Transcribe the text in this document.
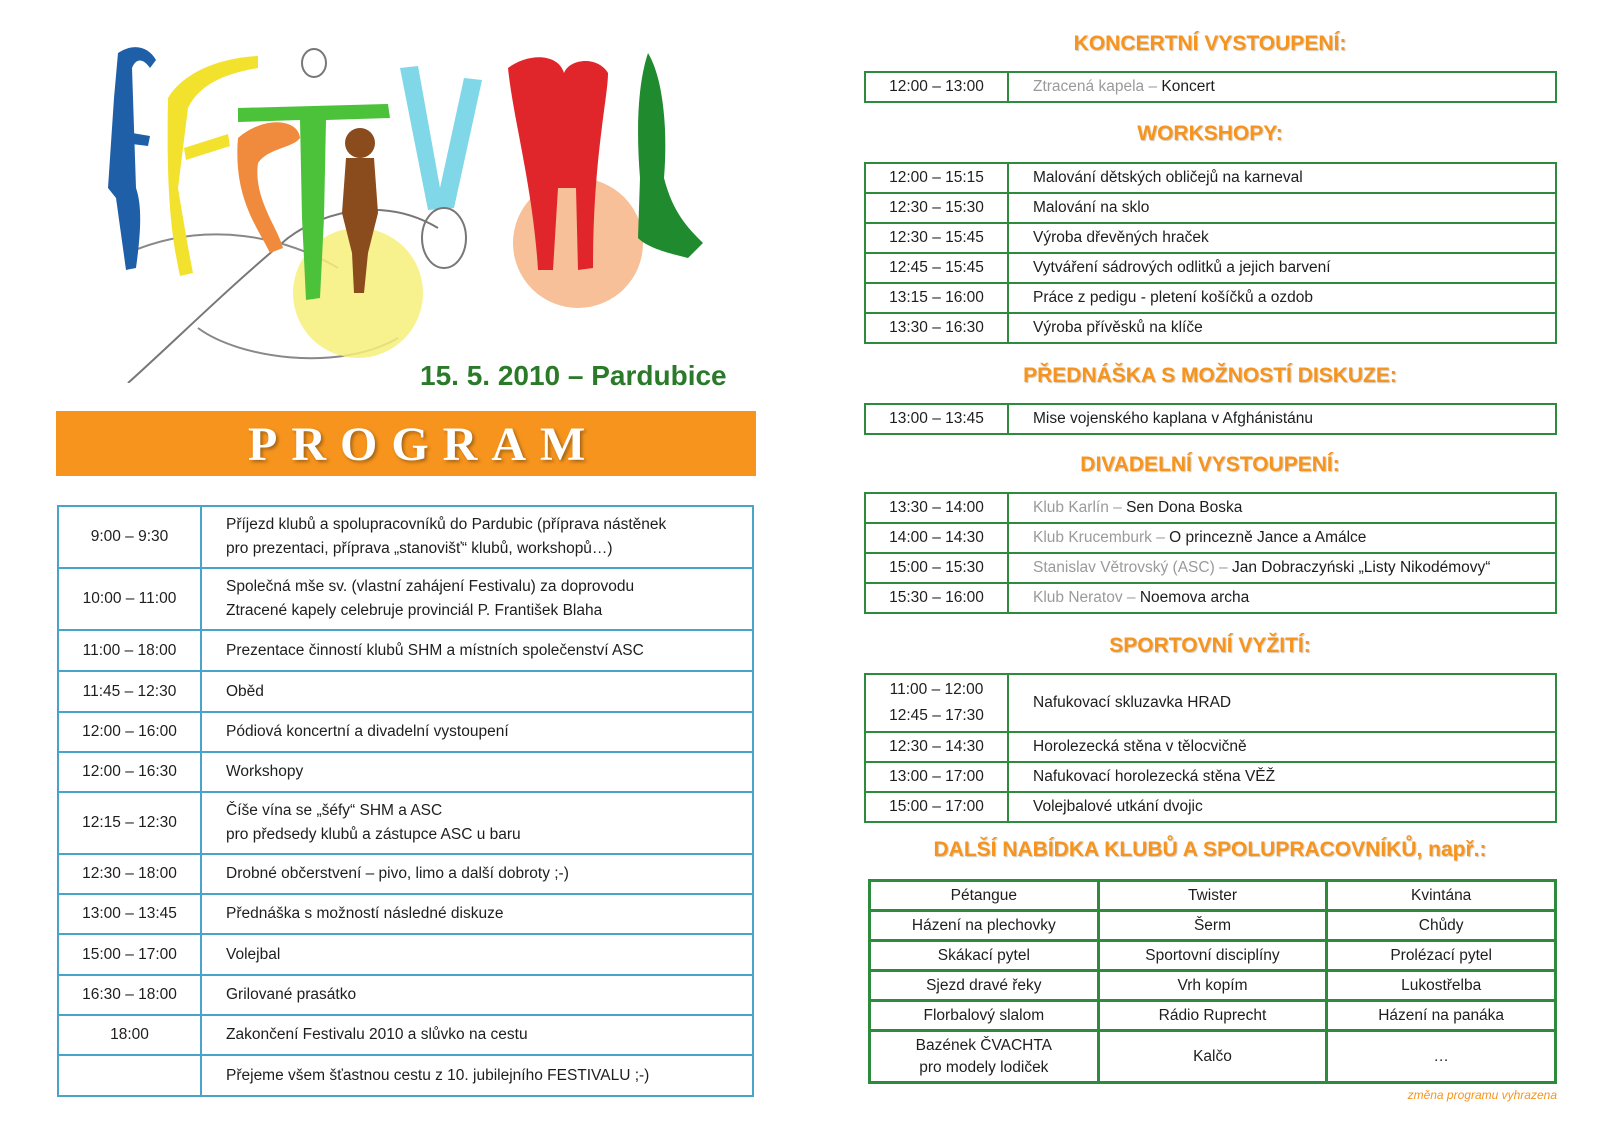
15. 5. 2010 – Pardubice
PROGRAM
9:00 – 9:30	Příjezd klubů a spolupracovníků do Pardubic (příprava nástěnek
pro prezentaci, příprava „stanovišť“ klubů, workshopů…)
10:00 – 11:00	Společná mše sv. (vlastní zahájení Festivalu) za doprovodu
Ztracené kapely celebruje provinciál P. František Blaha
11:00 – 18:00	Prezentace činností klubů SHM a místních společenství ASC
11:45 – 12:30	Oběd
12:00 – 16:00	Pódiová koncertní a divadelní vystoupení
12:00 – 16:30	Workshopy
12:15 – 12:30	Číše vína se „šéfy“ SHM a ASC
pro předsedy klubů a zástupce ASC u baru
12:30 – 18:00	Drobné občerstvení – pivo, limo a další dobroty ;-)
13:00 – 13:45	Přednáška s možností následné diskuze
15:00 – 17:00	Volejbal
16:30 – 18:00	Grilované prasátko
18:00	Zakončení Festivalu 2010 a slůvko na cestu
	Přejeme všem šťastnou cestu z 10. jubilejního FESTIVALU ;-)
KONCERTNÍ VYSTOUPENÍ:
12:00 – 13:00	Ztracená kapela – Koncert
WORKSHOPY:
12:00 – 15:15	Malování dětských obličejů na karneval
12:30 – 15:30	Malování na sklo
12:30 – 15:45	Výroba dřevěných hraček
12:45 – 15:45	Vytváření sádrových odlitků a jejich barvení
13:15 – 16:00	Práce z pedigu - pletení košíčků a ozdob
13:30 – 16:30	Výroba přívěsků na klíče
PŘEDNÁŠKA S MOŽNOSTÍ DISKUZE:
13:00 – 13:45	Mise vojenského kaplana v Afghánistánu
DIVADELNÍ VYSTOUPENÍ:
13:30 – 14:00	Klub Karlín – Sen Dona Boska
14:00 – 14:30	Klub Krucemburk – O princezně Jance a Amálce
15:00 – 15:30	Stanislav Větrovský (ASC) – Jan Dobraczyński „Listy Nikodémovy“
15:30 – 16:00	Klub Neratov – Noemova archa
SPORTOVNÍ VYŽITÍ:
11:00 – 12:00
12:45 – 17:30	Nafukovací skluzavka HRAD
12:30 – 14:30	Horolezecká stěna v tělocvičně
13:00 – 17:00	Nafukovací horolezecká stěna VĚŽ
15:00 – 17:00	Volejbalové utkání dvojic
DALŠÍ NABÍDKA KLUBŮ A SPOLUPRACOVNÍKŮ, např.:
Pétangue	Twister	Kvintána
Házení na plechovky	Šerm	Chůdy
Skákací pytel	Sportovní disciplíny	Prolézací pytel
Sjezd dravé řeky	Vrh kopím	Lukostřelba
Florbalový slalom	Rádio Ruprecht	Házení na panáka
Bazének ČVACHTA
pro modely lodiček	Kalčo	…
změna programu vyhrazena
